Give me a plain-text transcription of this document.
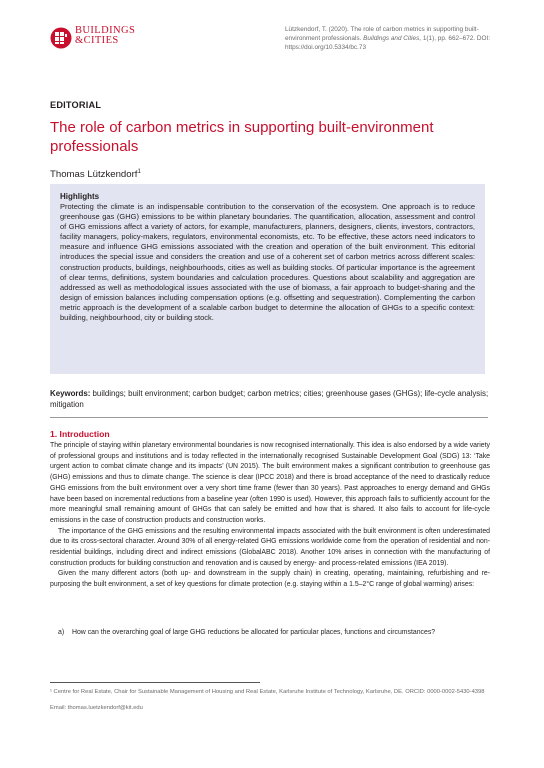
BUILDINGS
&CITIES
Lützkendorf, T. (2020). The role of carbon metrics in supporting built-environment professionals. Buildings and Cities, 1(1), pp. 662–672. DOI: https://doi.org/10.5334/bc.73
EDITORIAL
The role of carbon metrics in supporting built-environment professionals
Thomas Lützkendorf$^1$
Highlights
Protecting the climate is an indispensable contribution to the conservation of the ecosystem. One approach is to reduce greenhouse gas (GHG) emissions to be within planetary boundaries. The quantification, allocation, assessment and control of GHG emissions affect a variety of actors, for example, manufacturers, planners, designers, clients, investors, contractors, facility managers, policy-makers, regulators, environmental economists, etc. To be effective, these actors need indicators to measure and influence GHG emissions associated with the creation and operation of the built environment. This editorial introduces the special issue and considers the creation and use of a coherent set of carbon metrics across different scales: construction products, buildings, neighbourhoods, cities as well as building stocks. Of particular importance is the agreement of clear terms, definitions, system boundaries and calculation procedures. Questions about scalability and aggregation are addressed as well as methodological issues associated with the use of biomass, a fair approach to budget-sharing and the design of emission balances including compensation options (e.g. offsetting and sequestration). Complementing the carbon metric approach is the development of a scalable carbon budget to determine the allocation of GHGs to a specific context: building, neighbourhood, city or building stock.
Keywords: buildings; built environment; carbon budget; carbon metrics; cities; greenhouse gases (GHGs); life-cycle analysis; mitigation
1. Introduction

The principle of staying within planetary environmental boundaries is now recognised internationally. This idea is also endorsed by a wide variety of professional groups and institutions and is today reflected in the internationally recognised Sustainable Development Goal (SDG) 13: ‘Take urgent action to combat climate change and its impacts’ (UN 2015). The built environment makes a significant contribution to greenhouse gas (GHG) emissions and thus to climate change. The science is clear (IPCC 2018) and there is broad acceptance of the need to drastically reduce GHG emissions from the built environment over a very short time frame (fewer than 30 years). Past approaches to energy demand and GHGs have been based on incremental reductions from a baseline year (often 1990 is used). However, this approach fails to sufficiently account for the more meaningful small remaining amount of GHGs that can safely be emitted and how that is shared. It also fails to account for life-cycle emissions in the case of construction products and construction works.

The importance of the GHG emissions and the resulting environmental impacts associated with the built environment is often underestimated due to its cross-sectoral character. Around 30% of all energy-related GHG emissions worldwide come from the operation of residential and non-residential buildings, including direct and indirect emissions (GlobalABC 2018). Another 10% arises in connection with the manufacturing of construction products for building construction and renovation and is caused by energy- and process-related emissions (IEA 2019).

Given the many different actors (both up- and downstream in the supply chain) in creating, operating, maintaining, refurbishing and re-purposing the built environment, a set of key questions for climate protection (e.g. staying within a 1.5–2°C range of global warming) arises:

a)	How can the overarching goal of large GHG reductions be allocated for particular places, functions and circumstances?
¹ Centre for Real Estate, Chair for Sustainable Management of Housing and Real Estate, Karlsruhe Institute of Technology, Karlsruhe, DE. ORCID: 0000-0002-5430-4398
Email: thomas.luetzkendorf@kit.edu
